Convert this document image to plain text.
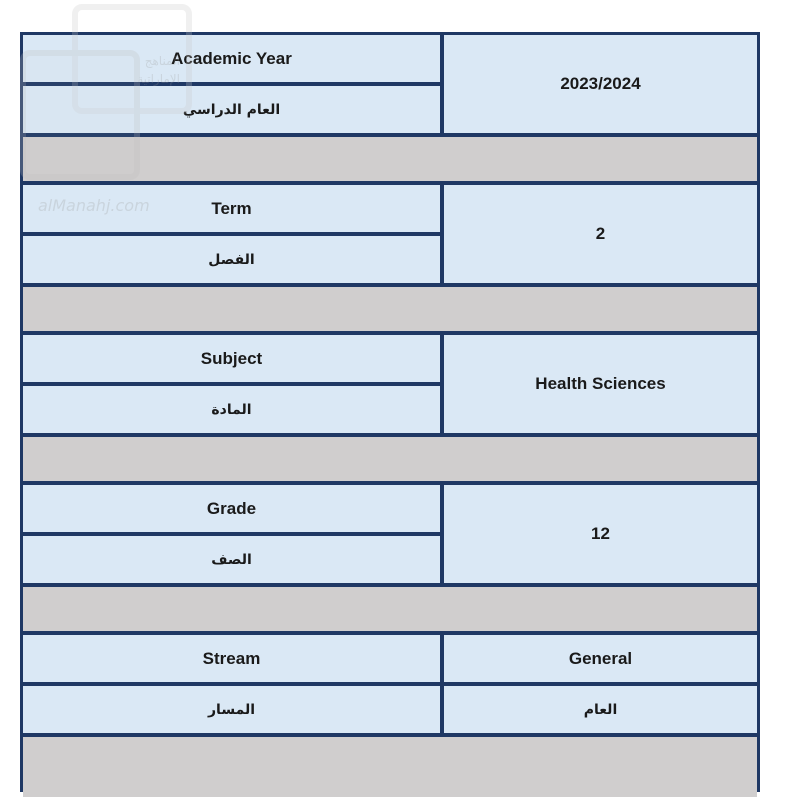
المناهج
الإماراتية
alManahj.com
Academic Year
العام الدراسي
2023/2024
Term
الفصل
2
Subject
المادة
Health Sciences
Grade
الصف
12
Stream
المسار
General
العام
